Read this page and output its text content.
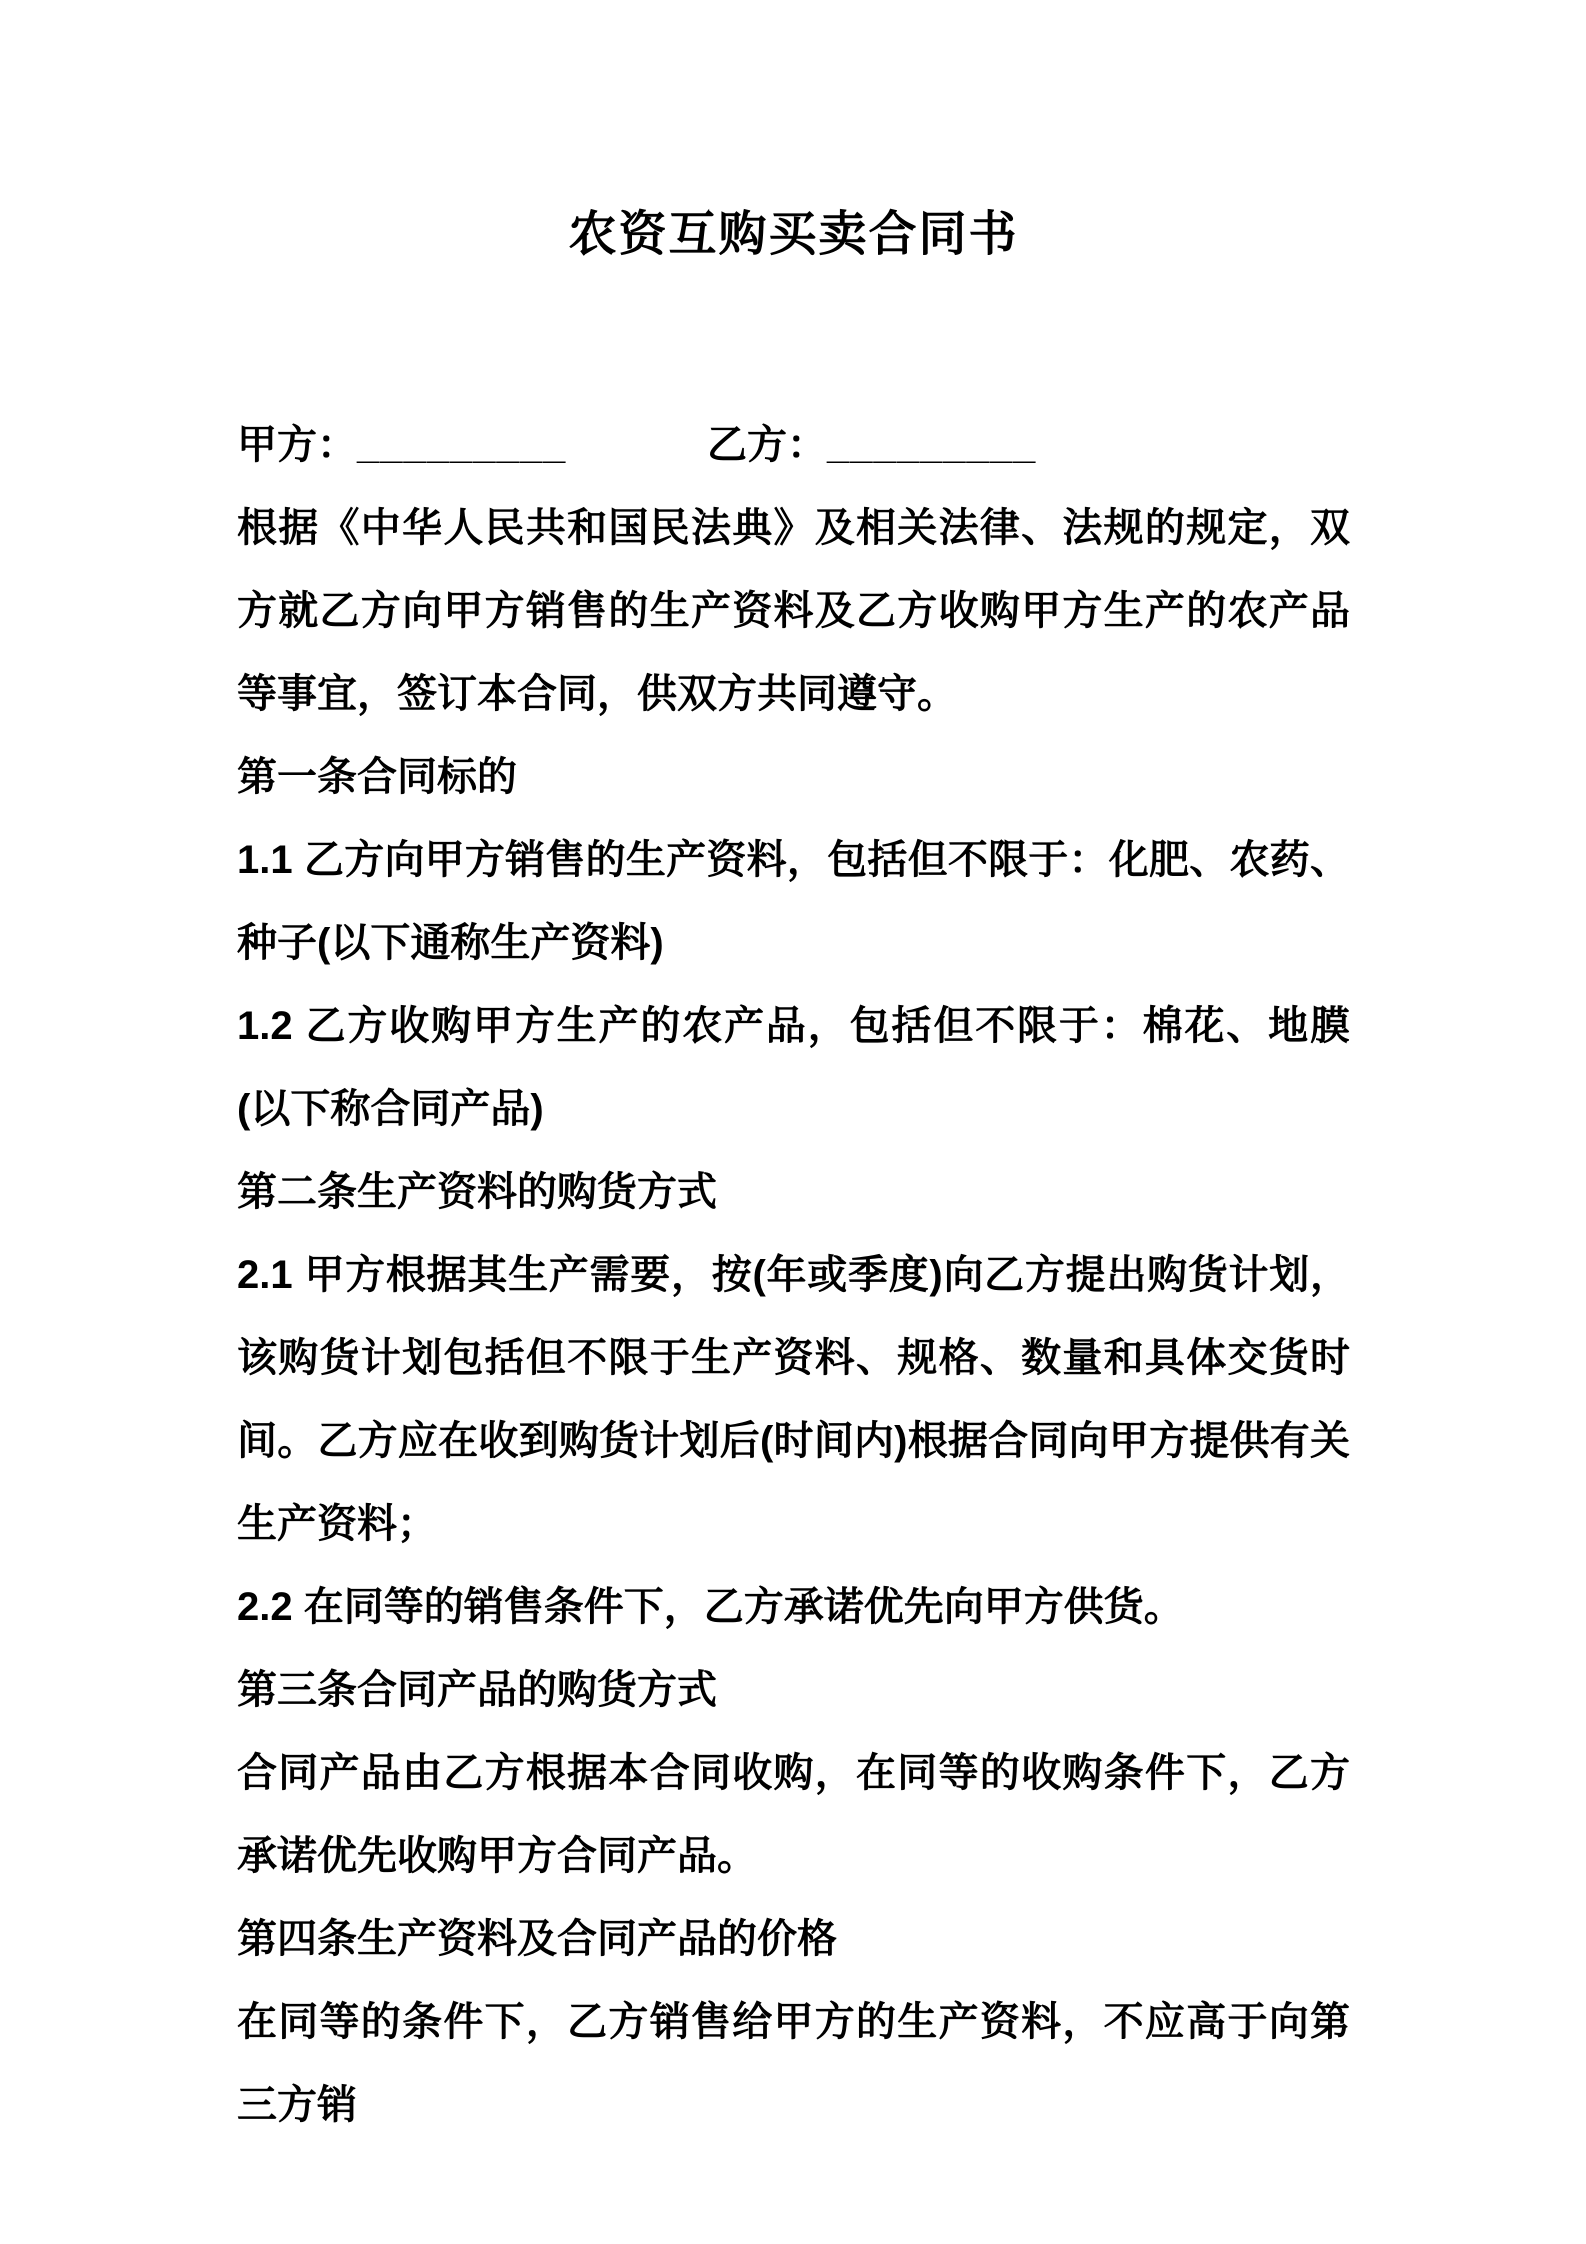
农资互购买卖合同书
甲方：_________	乙方：_________

根据《中华人民共和国民法典》及相关法律、法规的规定，双方就乙方向甲方销售的生产资料及乙方收购甲方生产的农产品等事宜，签订本合同，供双方共同遵守。

第一条合同标的

1.1 乙方向甲方销售的生产资料，包括但不限于：化肥、农药、种子(以下通称生产资料)

1.2 乙方收购甲方生产的农产品，包括但不限于：棉花、地膜(以下称合同产品)

第二条生产资料的购货方式

2.1 甲方根据其生产需要，按(年或季度)向乙方提出购货计划，该购货计划包括但不限于生产资料、规格、数量和具体交货时间。乙方应在收到购货计划后(时间内)根据合同向甲方提供有关生产资料；

2.2 在同等的销售条件下，乙方承诺优先向甲方供货。

第三条合同产品的购货方式

合同产品由乙方根据本合同收购，在同等的收购条件下，乙方承诺优先收购甲方合同产品。

第四条生产资料及合同产品的价格

在同等的条件下，乙方销售给甲方的生产资料，不应高于向第三方销
